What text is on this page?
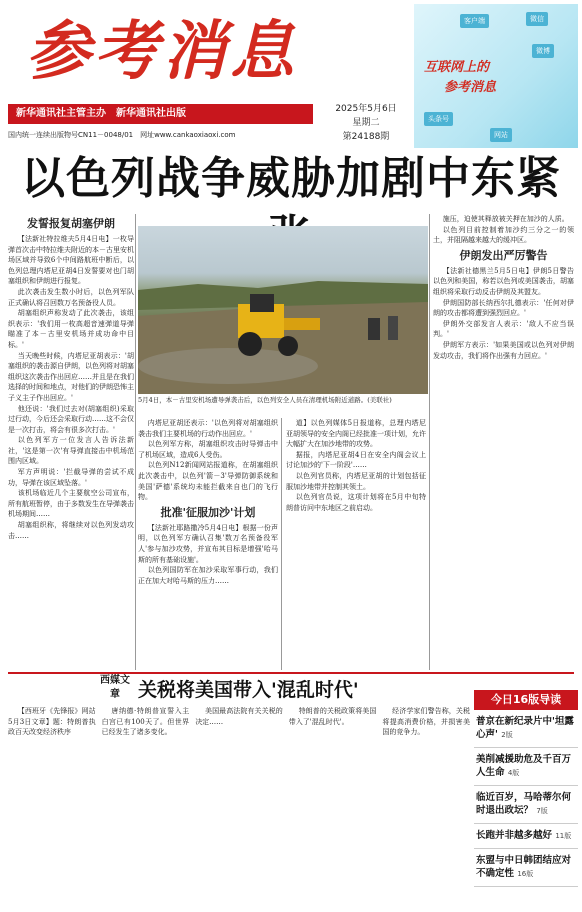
参 考 消 息
新华通讯社主管主办　新华通讯社出版	2025年5月6日
星期二
第24188期
国内统一连续出版物号CN11－0048/01　网址www.cankaoxiaoxi.com
客户端	微信
微博
头条号
网站
互联网上的
参考消息
以色列战争威胁加剧中东紧
发誓报复胡塞伊朗

【法新社特拉维夫5月4日电】一枚导弹首次击中特拉维夫附近的本－古里安机场区域并导致6个中间路航班中断后，以色列总理内塔尼亚胡4日发誓要对也门胡塞组织和伊朗进行报复。

此次袭击发生数小时后，以色列军队正式确认将召回数万名预备役人员。

胡塞组织声称发动了此次袭击，该组织表示：'我们用一枚高超音速弹道导弹瞄准了本－古里安机场并成功命中目标。'

当天晚些时候，内塔尼亚胡表示：'胡塞组织的袭击源自伊朗，以色列将对胡塞组织这次袭击作出回应……并且是在我们选择的时间和地点，对他们的伊朗恐怖主子义主子作出回应。'

他还说：'我们过去对(胡塞组织)采取过行动，今后还会采取行动……这不会仅是一次打击，将会有很多次打击。'

以色列军方一位发言人告诉法新社，'这是第一次'有导弹直接击中机场范围内区域。

军方声明说：'拦截导弹的尝试不成功，导弹在该区域坠落。'

该机场临近几个主要航空公司宣布，所有航班暂停，由于多数发生在导弹袭击机场期间……

胡塞组织称，将继续对以色列发动攻击……

5月4日，本－古里安机场遭导弹袭击后，以色列安全人员在清理机场附近道路。(美联社)

内塔尼亚胡还表示：'以色列将对胡塞组织袭击我们主要机场的行动作出回应。'

以色列军方称，胡塞组织攻击时导弹击中了机场区域，造成6人受伤。

以色列N12新闻网站报道称，在胡塞组织此次袭击中，以色列'箭－3'导弹防御系统和美国'萨德'系统均未能拦截来自也门的飞行物。

批准'征服加沙'计划

【法新社耶路撒冷5月4日电】根据一份声明，以色列军方确认召集'数万名预备役军人'参与加沙攻势，并宣布其目标是增强'哈马斯的所有基础设施'。

以色列国防军在加沙采取军事行动，我们正在加大对哈马斯的压力……

道】以色列媒体5日报道称，总理内塔尼亚胡领导的安全内阁已经批准一项计划，允许大幅扩大在加沙地带的攻势。

据报，内塔尼亚胡4日在安全内阁会议上讨论加沙的'下一阶段'……

以色列官员称，内塔尼亚胡的计划包括征服加沙地带并控制其领土。

以色列官员说，这项计划将在5月中旬特朗普访问中东地区之前启动。

施压，迫使其释放被关押在加沙的人质。

以色列目前控制着加沙约三分之一的领土，并阻隔越来越大的缓冲区。

伊朗发出严厉警告

【法新社德黑兰5月5日电】伊朗5日警告以色列和美国，称若以色列或美国袭击，胡塞组织将采取行动反击伊朗及其盟友。

伊朗国防部长纳西尔扎德表示：'任何对伊朗的攻击都将遭到强烈回应。'

伊朗外交部发言人表示：'敌人不应当误判。'

伊朗军方表示：'如果美国或以色列对伊朗发动攻击，我们将作出强有力回应。'

西媒文章 关税将美国带入'混乱时代'

【西班牙《先锋报》网站5月3日文章】题：特朗普执政百天改变经济秩序

唐纳德·特朗普宣誓入主白宫已有100天了。但世界已经发生了诸多变化。

美国最高法院有关关税的决定……

特朗普的关税政策将美国带入了'混乱时代'。

经济学家们警告称，关税将提高消费价格，并损害美国的竞争力。

今日16版导读
普京在新纪录片中'坦露心声' 2版
美削减援助危及千百万人生命 4版
临近百岁，马哈蒂尔何时退出政坛？ 7版
长跑并非越多越好 11版
东盟与中日韩团结应对不确定性 16版
